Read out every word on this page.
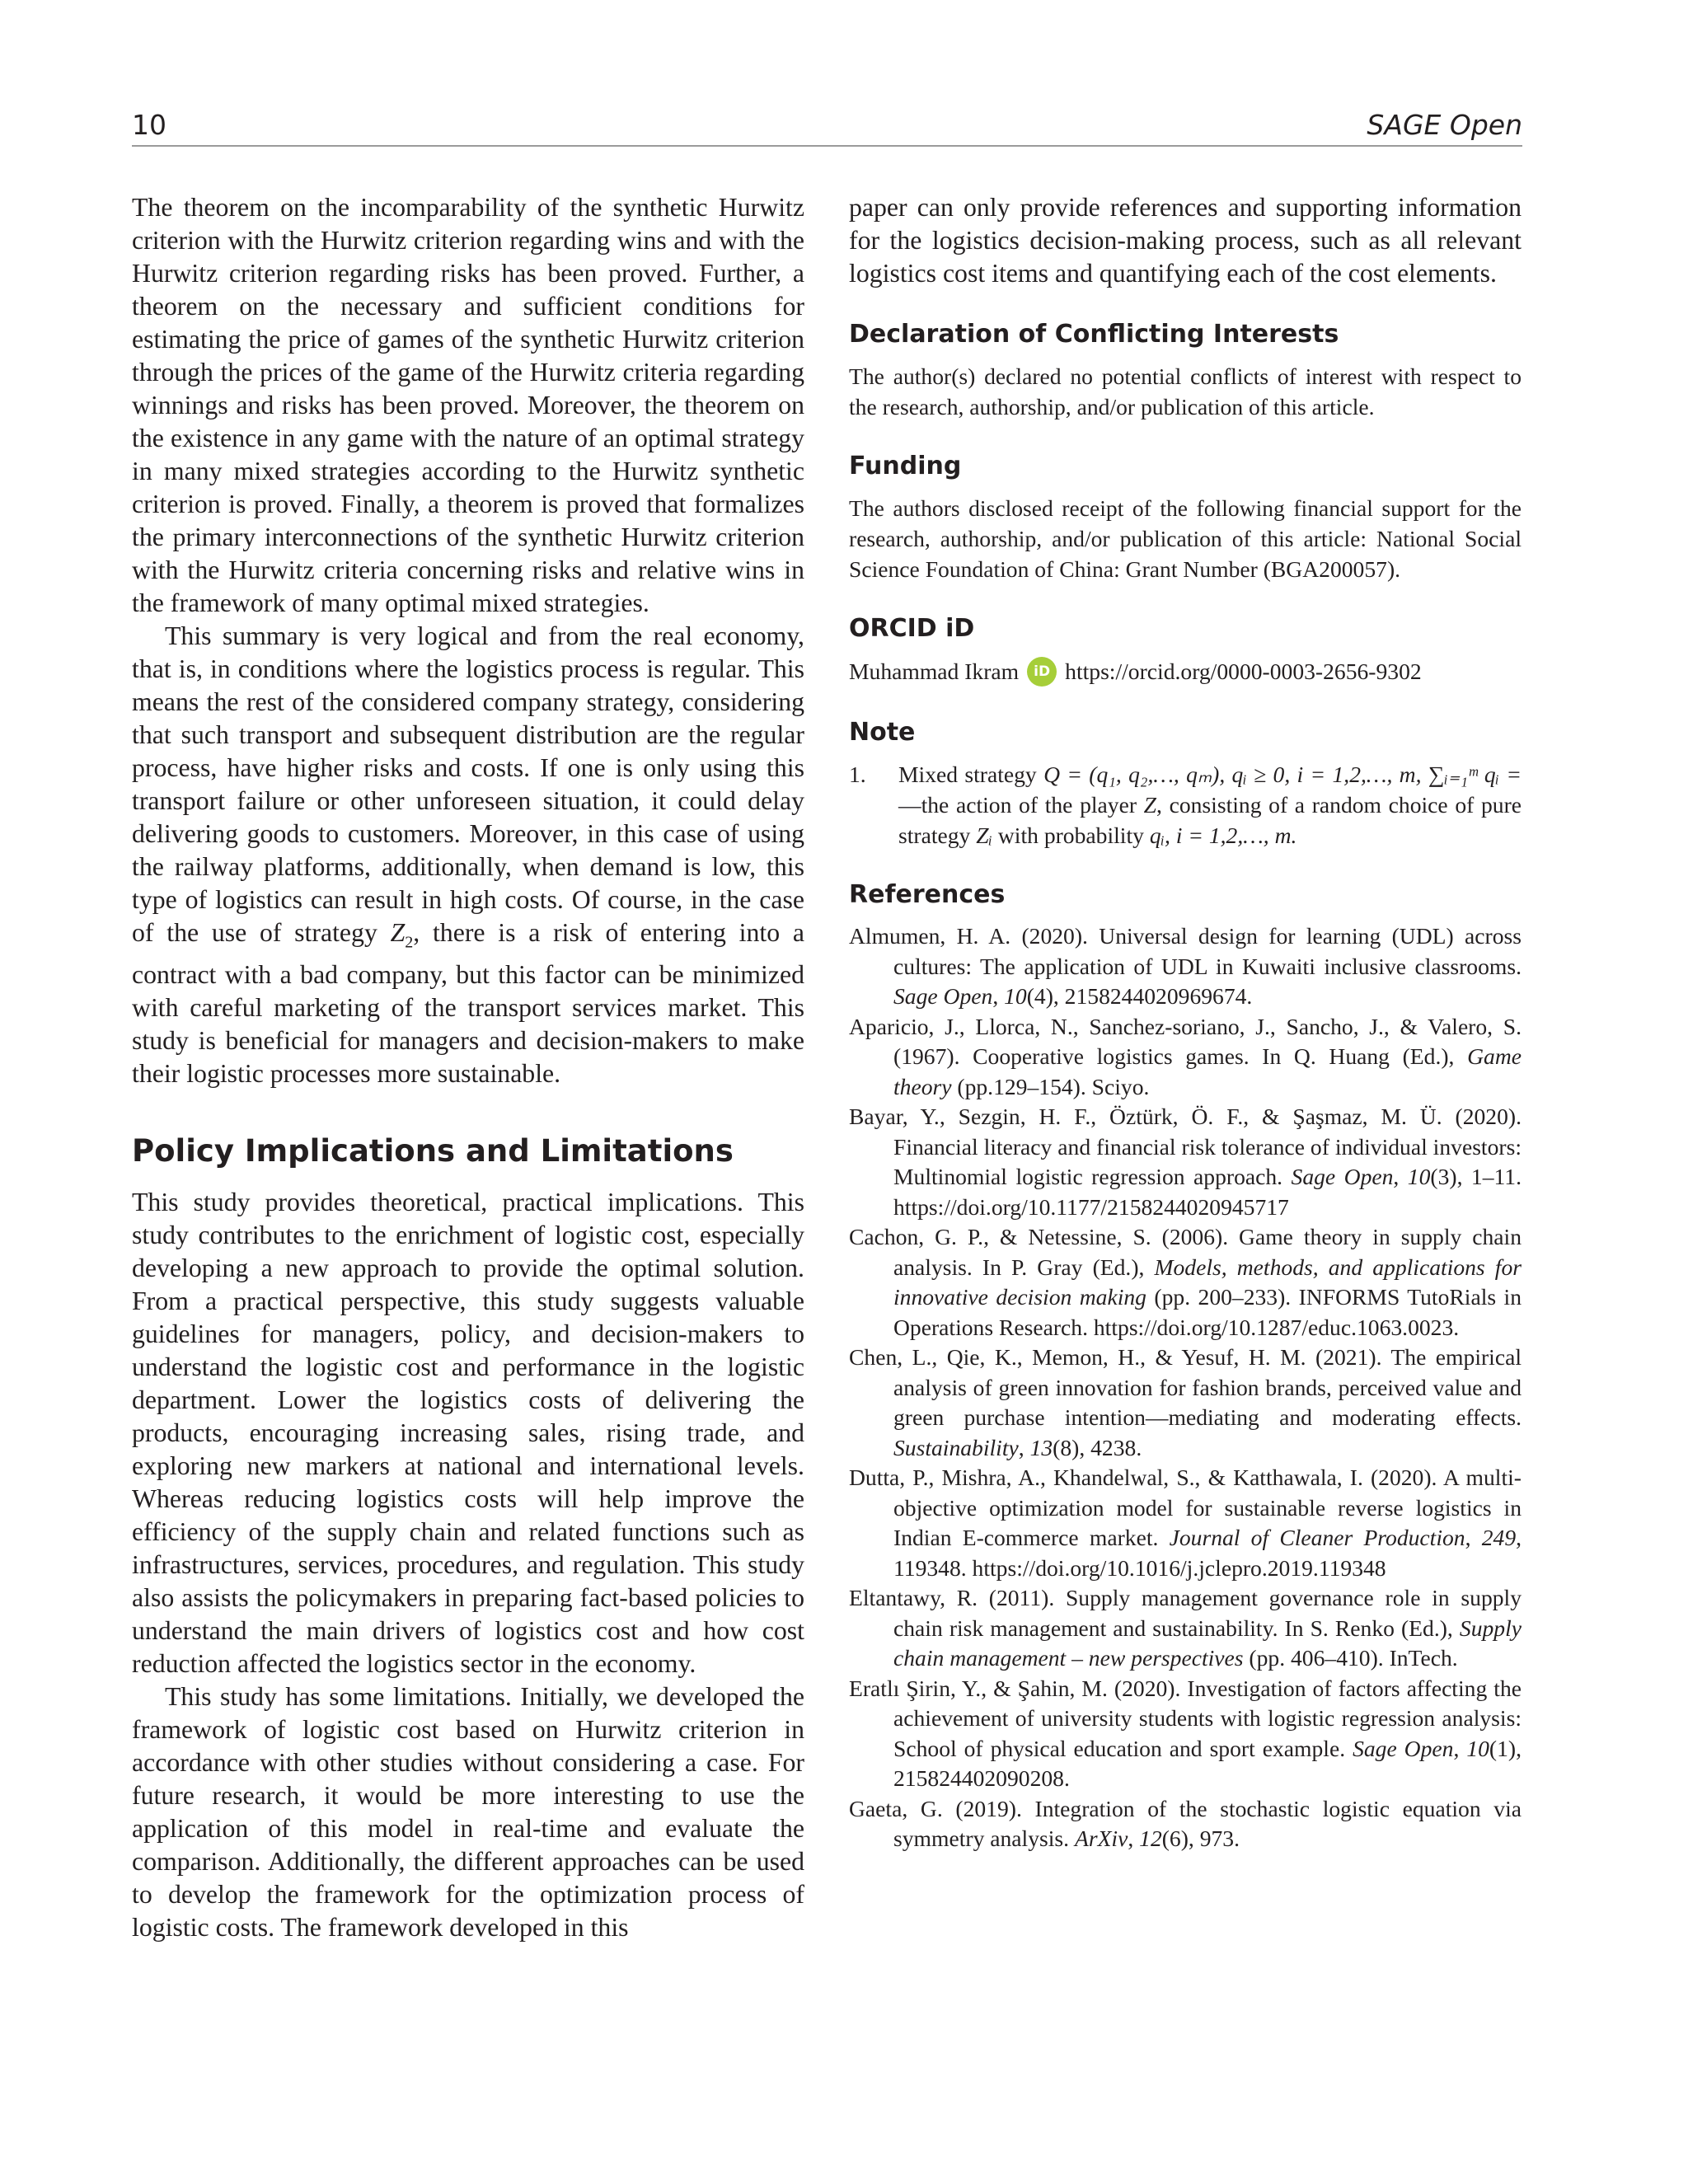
10	SAGE Open

The theorem on the incomparability of the synthetic Hurwitz criterion with the Hurwitz criterion regarding wins and with the Hurwitz criterion regarding risks has been proved. Further, a theorem on the necessary and sufficient conditions for estimating the price of games of the synthetic Hurwitz criterion through the prices of the game of the Hurwitz criteria regarding winnings and risks has been proved. Moreover, the theorem on the existence in any game with the nature of an optimal strategy in many mixed strategies according to the Hurwitz synthetic criterion is proved. Finally, a theorem is proved that formalizes the primary interconnections of the synthetic Hurwitz criterion with the Hurwitz criteria concerning risks and relative wins in the framework of many optimal mixed strategies.

This summary is very logical and from the real economy, that is, in conditions where the logistics process is regular. This means the rest of the considered company strategy, considering that such transport and subsequent distribution are the regular process, have higher risks and costs. If one is only using this transport failure or other unforeseen situation, it could delay delivering goods to customers. Moreover, in this case of using the railway platforms, additionally, when demand is low, this type of logistics can result in high costs. Of course, in the case of the use of strategy $Z_2$, there is a risk of entering into a contract with a bad company, but this factor can be minimized with careful marketing of the transport services market. This study is beneficial for managers and decision-makers to make their logistic processes more sustainable.

Policy Implications and Limitations

This study provides theoretical, practical implications. This study contributes to the enrichment of logistic cost, especially developing a new approach to provide the optimal solution. From a practical perspective, this study suggests valuable guidelines for managers, policy, and decision-makers to understand the logistic cost and performance in the logistic department. Lower the logistics costs of delivering the products, encouraging increasing sales, rising trade, and exploring new markers at national and international levels. Whereas reducing logistics costs will help improve the efficiency of the supply chain and related functions such as infrastructures, services, procedures, and regulation. This study also assists the policymakers in preparing fact-based policies to understand the main drivers of logistics cost and how cost reduction affected the logistics sector in the economy.

This study has some limitations. Initially, we developed the framework of logistic cost based on Hurwitz criterion in accordance with other studies without considering a case. For future research, it would be more interesting to use the application of this model in real-time and evaluate the comparison. Additionally, the different approaches can be used to develop the framework for the optimization process of logistic costs. The framework developed in this

paper can only provide references and supporting information for the logistics decision-making process, such as all relevant logistics cost items and quantifying each of the cost elements.

Declaration of Conflicting Interests

The author(s) declared no potential conflicts of interest with respect to the research, authorship, and/or publication of this article.

Funding

The authors disclosed receipt of the following financial support for the research, authorship, and/or publication of this article: National Social Science Foundation of China: Grant Number (BGA200057).

ORCID iD
Muhammad Ikram	iD https://orcid.org/0000-0003-2656-9302
Note
1.	Mixed strategy Q = (q₁, q₂,…, qₘ), qᵢ ≥ 0, i = 1,2,…, m, ∑ᵢ₌₁ᵐ qᵢ =—the action of the player Z, consisting of a random choice of pure strategy Zᵢ with probability qᵢ, i = 1,2,…, m.
References
Almumen, H. A. (2020). Universal design for learning (UDL) across cultures: The application of UDL in Kuwaiti inclusive classrooms. Sage Open, 10(4), 2158244020969674.
Aparicio, J., Llorca, N., Sanchez-soriano, J., Sancho, J., & Valero, S. (1967). Cooperative logistics games. In Q. Huang (Ed.), Game theory (pp.129–154). Sciyo.
Bayar, Y., Sezgin, H. F., Öztürk, Ö. F., & Şaşmaz, M. Ü. (2020). Financial literacy and financial risk tolerance of individual investors: Multinomial logistic regression approach. Sage Open, 10(3), 1–11. https://doi.org/10.1177/2158244020945717
Cachon, G. P., & Netessine, S. (2006). Game theory in supply chain analysis. In P. Gray (Ed.), Models, methods, and applications for innovative decision making (pp. 200–233). INFORMS TutoRials in Operations Research. https://doi.org/10.1287/educ.1063.0023.
Chen, L., Qie, K., Memon, H., & Yesuf, H. M. (2021). The empirical analysis of green innovation for fashion brands, perceived value and green purchase intention—mediating and moderating effects. Sustainability, 13(8), 4238.
Dutta, P., Mishra, A., Khandelwal, S., & Katthawala, I. (2020). A multi-objective optimization model for sustainable reverse logistics in Indian E-commerce market. Journal of Cleaner Production, 249, 119348. https://doi.org/10.1016/j.jclepro.2019.119348
Eltantawy, R. (2011). Supply management governance role in supply chain risk management and sustainability. In S. Renko (Ed.), Supply chain management – new perspectives (pp. 406–410). InTech.
Eratlı Şirin, Y., & Şahin, M. (2020). Investigation of factors affecting the achievement of university students with logistic regression analysis: School of physical education and sport example. Sage Open, 10(1), 215824402090208.
Gaeta, G. (2019). Integration of the stochastic logistic equation via symmetry analysis. ArXiv, 12(6), 973.
